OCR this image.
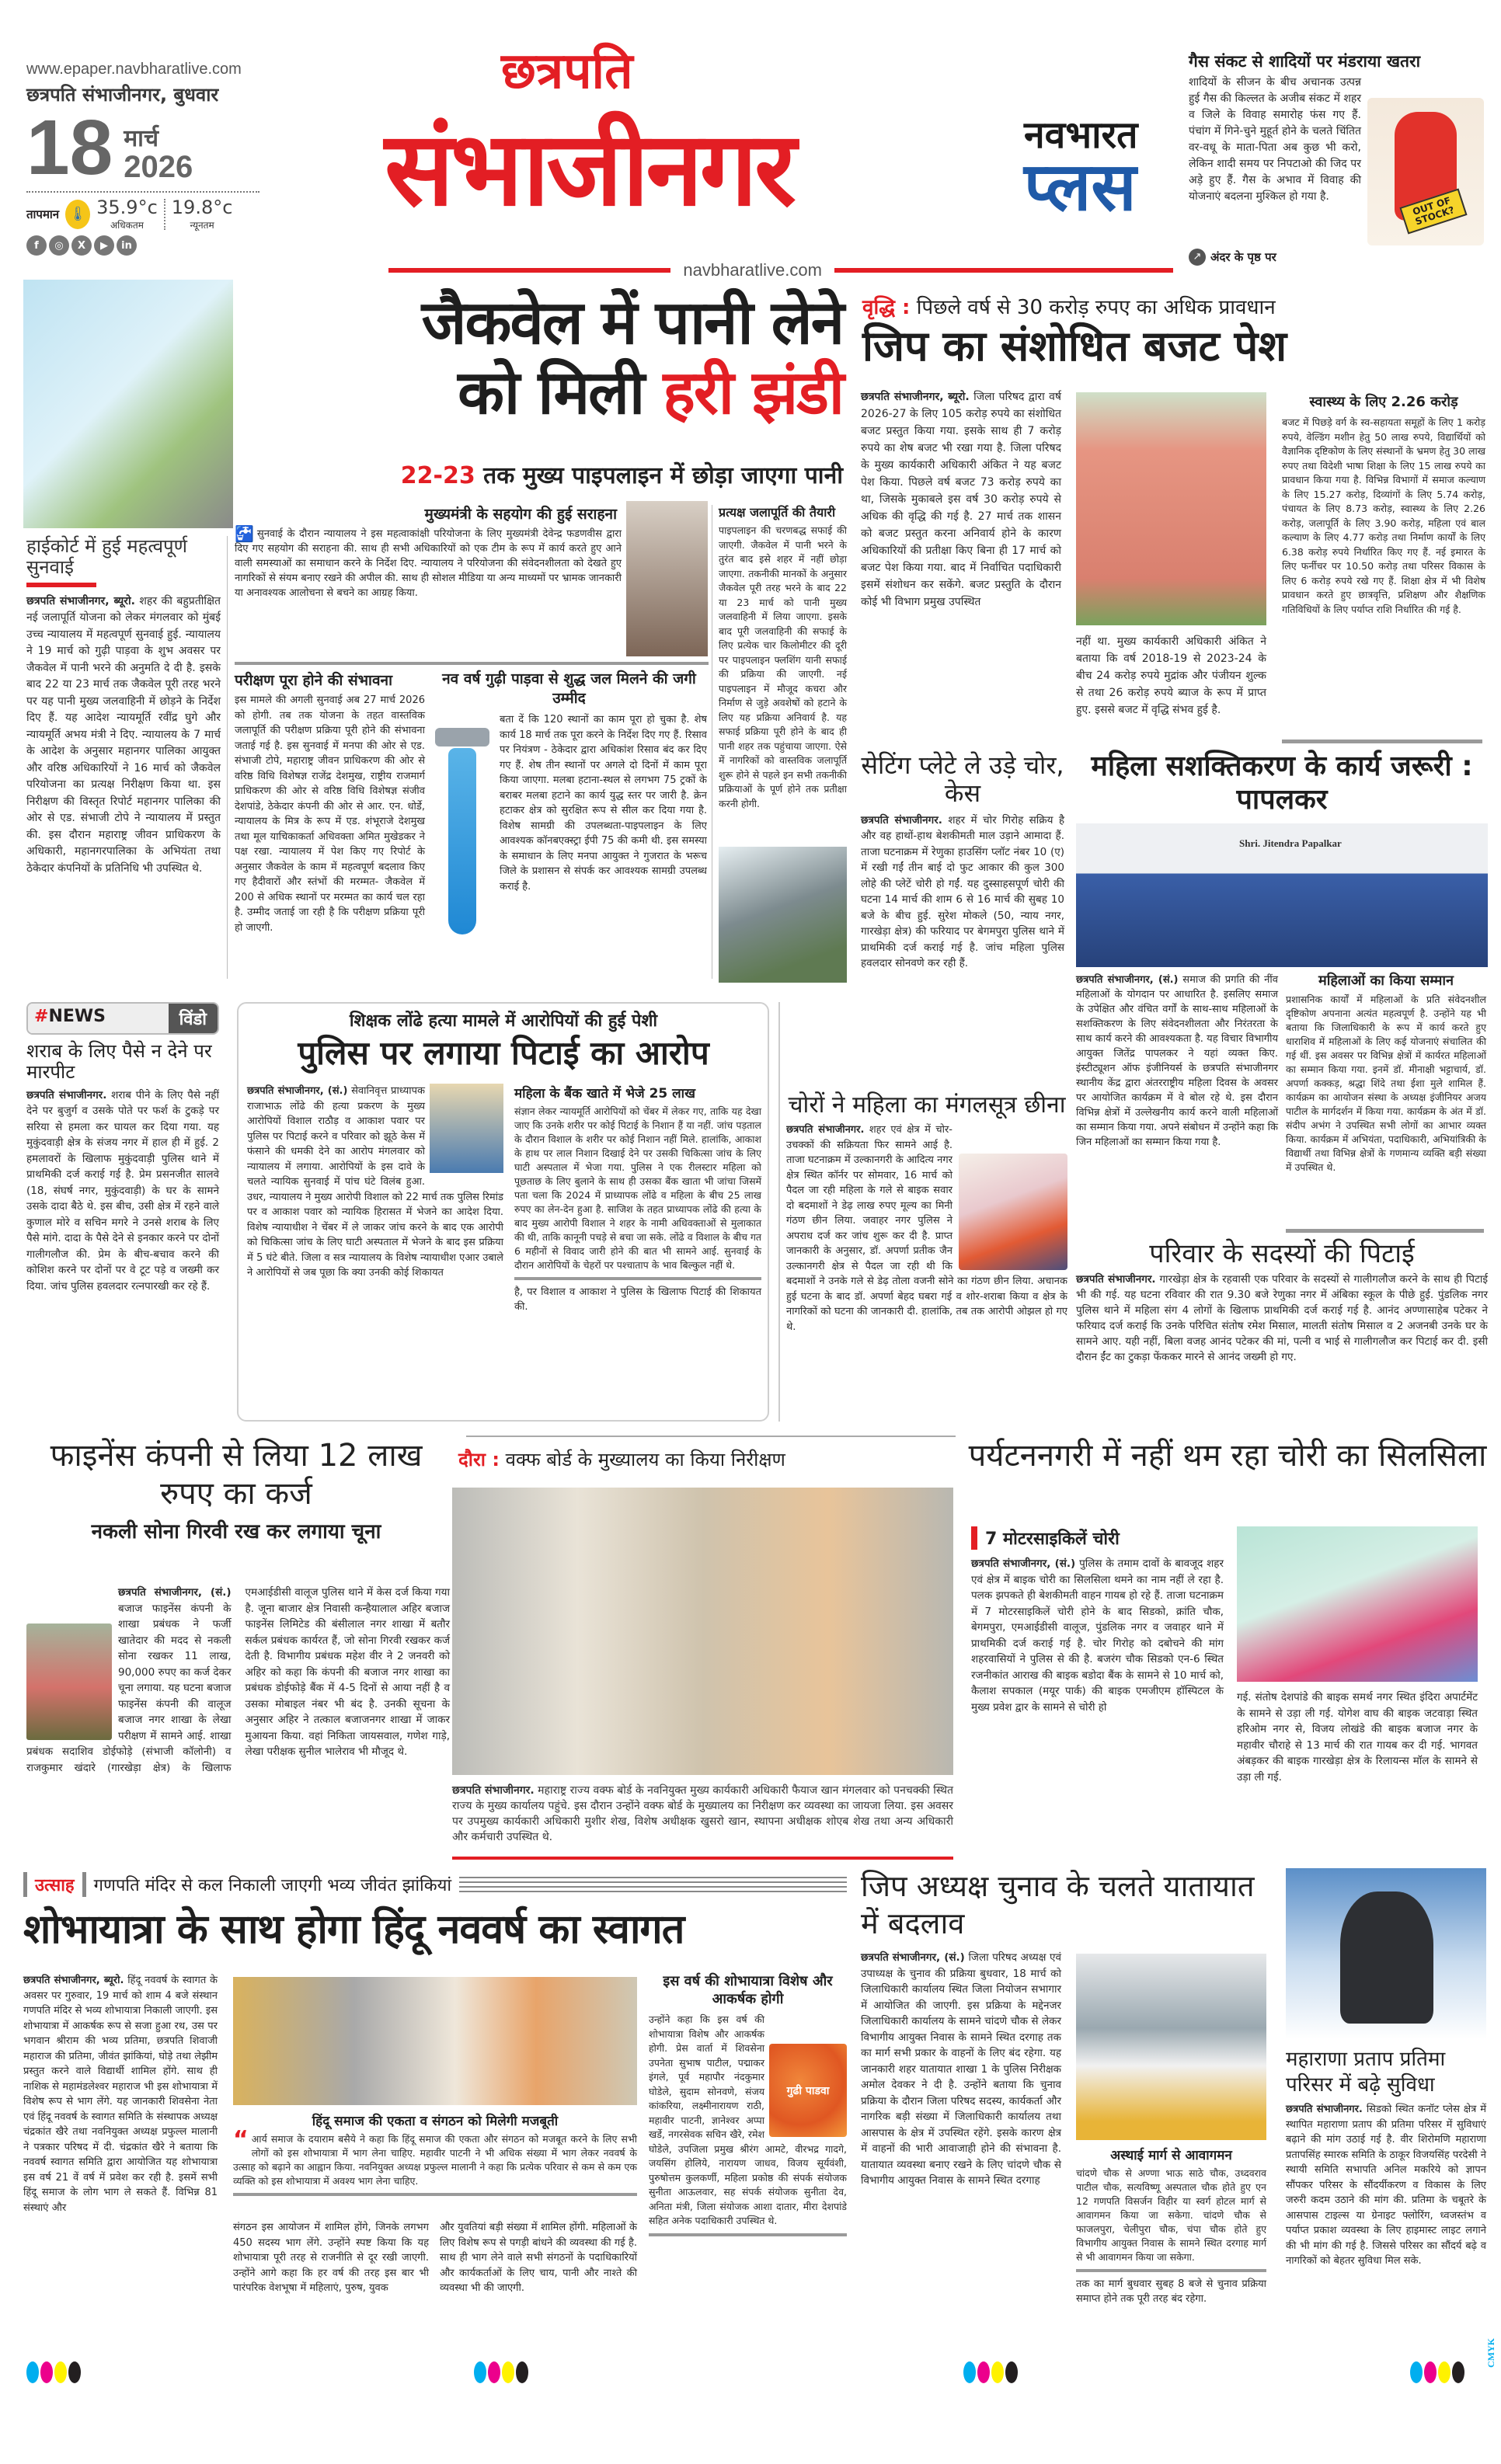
www.epaper.navbharatlive.com
छत्रपति संभाजीनगर, बुधवार
18 मार्च
2026
तापमान 🌡 35.9°c
अधिकतम
19.8°c
न्यूनतम
f ◎ X ▶ in
छत्रपति
संभाजीनगर	नवभारत
प्लस
navbharatlive.com
गैस संकट से शादियों पर मंडराया खतरा
OUT OF STOCK?
शादियों के सीजन के बीच अचानक उत्पन्न हुई गैस की किल्लत के अजीब संकट में शहर व जिले के विवाह समारोह फंस गए हैं. पंचांग में गिने-चुने मुहूर्त होने के चलते चिंतित वर-वधू के माता-पिता अब कुछ भी करो, लेकिन शादी समय पर निपटाओ की जिद पर अड़े हुए हैं. गैस के अभाव में विवाह की योजनाएं बदलना मुश्किल हो गया है.
↗ अंदर के पृष्ठ पर
जैकवेल में पानी लेने
को मिली हरी झंडी
22-23 तक मुख्य पाइपलाइन में छोड़ा जाएगा पानी
हाईकोर्ट में हुई महत्वपूर्ण सुनवाई
छत्रपति संभाजीनगर, ब्यूरो. शहर की बहुप्रतीक्षित नई जलापूर्ति योजना को लेकर मंगलवार को मुंबई उच्च न्यायालय में महत्वपूर्ण सुनवाई हुई. न्यायालय ने 19 मार्च को गुढ़ी पाड़वा के शुभ अवसर पर जैकवेल में पानी भरने की अनुमति दे दी है. इसके बाद 22 या 23 मार्च तक जैकवेल पूरी तरह भरने पर यह पानी मुख्य जलवाहिनी में छोड़ने के निर्देश दिए हैं. यह आदेश न्यायमूर्ति रवींद्र घुगे और न्यायमूर्ति अभय मंत्री ने दिए. न्यायालय के 7 मार्च के आदेश के अनुसार महानगर पालिका आयुक्त और वरिष्ठ अधिकारियों ने 16 मार्च को जैकवेल परियोजना का प्रत्यक्ष निरीक्षण किया था. इस निरीक्षण की विस्तृत रिपोर्ट महानगर पालिका की ओर से एड. संभाजी टोपे ने न्यायालय में प्रस्तुत की. इस दौरान महाराष्ट्र जीवन प्राधिकरण के अधिकारी, महानगरपालिका के अभियंता तथा ठेकेदार कंपनियों के प्रतिनिधि भी उपस्थित थे.
मुख्यमंत्री के सहयोग की हुई सराहना
🚰 सुनवाई के दौरान न्यायालय ने इस महत्वाकांक्षी परियोजना के लिए मुख्यमंत्री देवेन्द्र फडणवीस द्वारा दिए गए सहयोग की सराहना की. साथ ही सभी अधिकारियों को एक टीम के रूप में कार्य करते हुए आने वाली समस्याओं का समाधान करने के निर्देश दिए. न्यायालय ने परियोजना की संवेदनशीलता को देखते हुए नागरिकों से संयम बनाए रखने की अपील की. साथ ही सोशल मीडिया या अन्य माध्यमों पर भ्रामक जानकारी या अनावश्यक आलोचना से बचने का आग्रह किया.
परीक्षण पूरा होने की संभावना
इस मामले की अगली सुनवाई अब 27 मार्च 2026 को होगी. तब तक योजना के तहत वास्तविक जलापूर्ति की परीक्षण प्रक्रिया पूरी होने की संभावना जताई गई है. इस सुनवाई में मनपा की ओर से एड. संभाजी टोपे, महाराष्ट्र जीवन प्राधिकरण की ओर से वरिष्ठ विधि विशेषज्ञ राजेंद्र देशमुख, राष्ट्रीय राजमार्ग प्राधिकरण की ओर से वरिष्ठ विधि विशेषज्ञ संजीव देशपांडे, ठेकेदार कंपनी की ओर से आर. एन. धोर्डे, न्यायालय के मित्र के रूप में एड. शंभूराजे देशमुख तथा मूल याचिकाकर्ता अधिवक्ता अमित मुखेडकर ने पक्ष रखा. न्यायालय में पेश किए गए रिपोर्ट के अनुसार जैकवेल के काम में महत्वपूर्ण बदलाव किए गए हैदीवारों और स्तंभों की मरम्मत- जैकवेल में 200 से अधिक स्थानों पर मरम्मत का कार्य चल रहा है. उम्मीद जताई जा रही है कि परीक्षण प्रक्रिया पूरी हो जाएगी.
नव वर्ष गुढ़ी पाड़वा से शुद्ध जल मिलने की जगी उम्मीद
बता दें कि 120 स्थानों का काम पूरा हो चुका है. शेष कार्य 18 मार्च तक पूरा करने के निर्देश दिए गए हैं. रिसाव पर नियंत्रण - ठेकेदार द्वारा अधिकांश रिसाव बंद कर दिए गए हैं. शेष तीन स्थानों पर अगले दो दिनों में काम पूरा किया जाएगा. मलबा हटाना-स्थल से लगभग 75 ट्रकों के बराबर मलबा हटाने का कार्य युद्ध स्तर पर जारी है. क्रेन हटाकर क्षेत्र को सुरक्षित रूप से सील कर दिया गया है. विशेष सामग्री की उपलब्धता-पाइपलाइन के लिए आवश्यक कॉनबएक्स्ट्रा ईपी 75 की कमी थी. इस समस्या के समाधान के लिए मनपा आयुक्त ने गुजरात के भरूच जिले के प्रशासन से संपर्क कर आवश्यक सामग्री उपलब्ध कराई है.
प्रत्यक्ष जलापूर्ति की तैयारी
पाइपलाइन की चरणबद्ध सफाई की जाएगी. जैकवेल में पानी भरने के तुरंत बाद इसे शहर में नहीं छोड़ा जाएगा. तकनीकी मानकों के अनुसार जैकवेल पूरी तरह भरने के बाद 22 या 23 मार्च को पानी मुख्य जलवाहिनी में लिया जाएगा. इसके बाद पूरी जलवाहिनी की सफाई के लिए प्रत्येक चार किलोमीटर की दूरी पर पाइपलाइन फ्लशिंग यानी सफाई की प्रक्रिया की जाएगी. नई पाइपलाइन में मौजूद कचरा और निर्माण से जुड़े अवशेषों को हटाने के लिए यह प्रक्रिया अनिवार्य है. यह सफाई प्रक्रिया पूरी होने के बाद ही पानी शहर तक पहुंचाया जाएगा. ऐसे में नागरिकों को वास्तविक जलापूर्ति शुरू होने से पहले इन सभी तकनीकी प्रक्रियाओं के पूर्ण होने तक प्रतीक्षा करनी होगी.
वृद्धि : पिछले वर्ष से 30 करोड़ रुपए का अधिक प्रावधान
जिप का संशोधित बजट पेश
छत्रपति संभाजीनगर, ब्यूरो. जिला परिषद द्वारा वर्ष 2026-27 के लिए 105 करोड़ रुपये का संशोधित बजट प्रस्तुत किया गया. इसके साथ ही 7 करोड़ रुपये का शेष बजट भी रखा गया है. जिला परिषद के मुख्य कार्यकारी अधिकारी अंकित ने यह बजट पेश किया. पिछले वर्ष बजट 73 करोड़ रुपये का था, जिसके मुकाबले इस वर्ष 30 करोड़ रुपये से अधिक की वृद्धि की गई है. 27 मार्च तक शासन को बजट प्रस्तुत करना अनिवार्य होने के कारण अधिकारियों की प्रतीक्षा किए बिना ही 17 मार्च को बजट पेश किया गया. बाद में निर्वाचित पदाधिकारी इसमें संशोधन कर सकेंगे. बजट प्रस्तुति के दौरान कोई भी विभाग प्रमुख उपस्थित
नहीं था. मुख्य कार्यकारी अधिकारी अंकित ने बताया कि वर्ष 2018-19 से 2023-24 के बीच 24 करोड़ रुपये मुद्रांक और पंजीयन शुल्क से तथा 26 करोड़ रुपये ब्याज के रूप में प्राप्त हुए. इससे बजट में वृद्धि संभव हुई है.
स्वास्थ्य के लिए 2.26 करोड़
बजट में पिछड़े वर्ग के स्व-सहायता समूहों के लिए 1 करोड़ रुपये, वेल्डिंग मशीन हेतु 50 लाख रुपये, विद्यार्थियों को वैज्ञानिक दृष्टिकोण के लिए संस्थानों के भ्रमण हेतु 30 लाख रुपए तथा विदेशी भाषा शिक्षा के लिए 15 लाख रुपये का प्रावधान किया गया है. विभिन्न विभागों में समाज कल्याण के लिए 15.27 करोड़, दिव्यांगों के लिए 5.74 करोड़, पंचायत के लिए 8.73 करोड़, स्वास्थ्य के लिए 2.26 करोड़, जलापूर्ति के लिए 3.90 करोड़, महिला एवं बाल कल्याण के लिए 4.77 करोड़ तथा निर्माण कार्यों के लिए 6.38 करोड़ रुपये निर्धारित किए गए हैं. नई इमारत के लिए फर्नीचर पर 10.50 करोड़ तथा परिसर विकास के लिए 6 करोड़ रुपये रखे गए हैं. शिक्षा क्षेत्र में भी विशेष प्रावधान करते हुए छात्रवृत्ति, प्रशिक्षण और शैक्षणिक गतिविधियों के लिए पर्याप्त राशि निर्धारित की गई है.
सेटिंग प्लेटे ले उड़े चोर, केस
छत्रपति संभाजीनगर. शहर में चोर गिरोह सक्रिय है और वह हाथों-हाथ बेशकीमती माल उड़ाने आमादा हैं. ताजा घटनाक्रम में रेणुका हाउसिंग प्लॉट नंबर 10 (ए) में रखी गईं तीन बाई दो फुट आकार की कुल 300 लोहे की प्लेटें चोरी हो गईं. यह दुस्साहसपूर्ण चोरी की घटना 14 मार्च की शाम 6 से 16 मार्च की सुबह 10 बजे के बीच हुई. सुरेश मोकले (50, न्याय नगर, गारखेड़ा क्षेत्र) की फरियाद पर बेगमपुरा पुलिस थाने में प्राथमिकी दर्ज कराई गई है. जांच महिला पुलिस हवलदार सोनवणे कर रही हैं.
महिला सशक्तिकरण के कार्य जरूरी : पापलकर
Shri. Jitendra Papalkar
छत्रपति संभाजीनगर, (सं.) समाज की प्रगति की नींव महिलाओं के योगदान पर आधारित है. इसलिए समाज के उपेक्षित और वंचित वर्गों के साथ-साथ महिलाओं के सशक्तिकरण के लिए संवेदनशीलता और निरंतरता के साथ कार्य करने की आवश्यकता है. यह विचार विभागीय आयुक्त जितेंद्र पापलकर ने यहां व्यक्त किए. इंस्टीट्यूशन ऑफ इंजीनियर्स के छत्रपति संभाजीनगर स्थानीय केंद्र द्वारा अंतरराष्ट्रीय महिला दिवस के अवसर पर आयोजित कार्यक्रम में वे बोल रहे थे. इस दौरान विभिन्न क्षेत्रों में उल्लेखनीय कार्य करने वाली महिलाओं का सम्मान किया गया. अपने संबोधन में उन्होंने कहा कि जिन महिलाओं का सम्मान किया गया है.
महिलाओं का किया सम्मान
प्रशासनिक कार्यों में महिलाओं के प्रति संवेदनशील दृष्टिकोण अपनाना अत्यंत महत्वपूर्ण है. उन्होंने यह भी बताया कि जिलाधिकारी के रूप में कार्य करते हुए धाराशिव में महिलाओं के लिए कई योजनाएं संचालित की गई थीं. इस अवसर पर विभिन्न क्षेत्रों में कार्यरत महिलाओं का सम्मान किया गया. इनमें डॉ. मीनाक्षी भट्टाचार्य, डॉ. अपर्णा कक्कड़, श्रद्धा शिंदे तथा ईशा मुले शामिल हैं. कार्यक्रम का आयोजन संस्था के अध्यक्ष इंजीनियर अजय पाटील के मार्गदर्शन में किया गया. कार्यक्रम के अंत में डॉ. संदीप अभंग ने उपस्थित सभी लोगों का आभार व्यक्त किया. कार्यक्रम में अभियंता, पदाधिकारी, अभियांत्रिकी के विद्यार्थी तथा विभिन्न क्षेत्रों के गणमान्य व्यक्ति बड़ी संख्या में उपस्थित थे.
#NEWS	विंडो
शराब के लिए पैसे न देने पर मारपीट
छत्रपति संभाजीनगर. शराब पीने के लिए पैसे नहीं देने पर बुजुर्ग व उसके पोते पर फर्श के टुकड़े पर सरिया से हमला कर घायल कर दिया गया. यह मुकुंदवाड़ी क्षेत्र के संजय नगर में हाल ही में हुई. 2 हमलावरों के खिलाफ मुकुंदवाड़ी पुलिस थाने में प्राथमिकी दर्ज कराई गई है. प्रेम प्रसनजीत सालवे (18, संघर्ष नगर, मुकुंदवाड़ी) के घर के सामने उसके दादा बैठे थे. इस बीच, उसी क्षेत्र में रहने वाले कुणाल मोरे व सचिन मगरे ने उनसे शराब के लिए पैसे मांगे. दादा के पैसे देने से इनकार करने पर दोनों गालीगलौज की. प्रेम के बीच-बचाव करने की कोशिश करने पर दोनों पर वे टूट पड़े व जख्मी कर दिया. जांच पुलिस हवलदार रत्नपारखी कर रहे हैं.
शिक्षक लोंढे हत्या मामले में आरोपियों की हुई पेशी
पुलिस पर लगाया पिटाई का आरोप
छत्रपति संभाजीनगर, (सं.) सेवानिवृत्त प्राध्यापक राजाभाऊ लोंढे की हत्या प्रकरण के मुख्य आरोपियों विशाल राठौड़ व आकाश पवार पर पुलिस पर पिटाई करने व परिवार को झूठे केस में फंसाने की धमकी देने का आरोप मंगलवार को न्यायालय में लगाया. आरोपियों के इस दावे के चलते न्यायिक सुनवाई में पांच घंटे विलंब हुआ. उधर, न्यायालय ने मुख्य आरोपी विशाल को 22 मार्च तक पुलिस रिमांड पर व आकाश पवार को न्यायिक हिरासत में भेजने का आदेश दिया. विशेष न्यायाधीश ने चेंबर में ले जाकर जांच करने के बाद एक आरोपी को चिकित्सा जांच के लिए घाटी अस्पताल में भेजने के बाद इस प्रक्रिया में 5 घंटे बीते. जिला व सत्र न्यायालय के विशेष न्यायाधीश एआर उबाले ने आरोपियों से जब पूछा कि क्या उनकी कोई शिकायत
महिला के बैंक खाते में भेजे 25 लाख
संज्ञान लेकर न्यायमूर्ति आरोपियों को चेंबर में लेकर गए, ताकि यह देखा जाए कि उनके शरीर पर कोई पिटाई के निशान हैं या नहीं. जांच पड़ताल के दौरान विशाल के शरीर पर कोई निशान नहीं मिले. हालांकि, आकाश के हाथ पर लाल निशान दिखाई देने पर उसकी चिकित्सा जांच के लिए घाटी अस्पताल में भेजा गया. पुलिस ने एक रीलस्टार महिला को पूछताछ के लिए बुलाने के साथ ही उसका बैंक खाता भी जांचा जिसमें पता चला कि 2024 में प्राध्यापक लोंढे व महिला के बीच 25 लाख रुपए का लेन-देन हुआ है. साजिश के तहत प्राध्यापक लोंढे की हत्या के बाद मुख्य आरोपी विशाल ने शहर के नामी अधिवक्ताओं से मुलाकात की थी, ताकि कानूनी पचड़े से बचा जा सके. लोंढे व विशाल के बीच गत 6 महीनों से विवाद जारी होने की बात भी सामने आई. सुनवाई के दौरान आरोपियों के चेहरों पर पश्चाताप के भाव बिल्कुल नहीं थे.
है, पर विशाल व आकाश ने पुलिस के खिलाफ पिटाई की शिकायत की.
चोरों ने महिला का मंगलसूत्र छीना
छत्रपति संभाजीनगर. शहर एवं क्षेत्र में चोर-उचक्कों की सक्रियता फिर सामने आई है. ताजा घटनाक्रम में उल्कानगरी के आदित्य नगर क्षेत्र स्थित कॉर्नर पर सोमवार, 16 मार्च को पैदल जा रही महिला के गले से बाइक सवार दो बदमाशों ने डेढ़ लाख रुपए मूल्य का मिनी गंठण छीन लिया. जवाहर नगर पुलिस ने अपराध दर्ज कर जांच शुरू कर दी है. प्राप्त जानकारी के अनुसार, डॉ. अपर्णा प्रतीक जैन उल्कानगरी क्षेत्र से पैदल जा रही थी कि बदमाशों ने उनके गले से डेढ़ तोला वजनी सोने का गंठण छीन लिया. अचानक हुई घटना के बाद डॉ. अपर्णा बेहद घबरा गई व शोर-शराबा किया व क्षेत्र के नागरिकों को घटना की जानकारी दी. हालांकि, तब तक आरोपी ओझल हो गए थे.
परिवार के सदस्यों की पिटाई
छत्रपति संभाजीनगर. गारखेड़ा क्षेत्र के रहवासी एक परिवार के सदस्यों से गालीगलौज करने के साथ ही पिटाई भी की गई. यह घटना रविवार की रात 9.30 बजे रेणुका नगर में अंबिका स्कूल के पीछे हुई. पुंडलिक नगर पुलिस थाने में महिला संग 4 लोगों के खिलाफ प्राथमिकी दर्ज कराई गई है. आनंद अण्णासाहेब पटेकर ने फरियाद दर्ज कराई कि उनके परिचित संतोष रमेश मिसाल, मालती संतोष मिसाल व 2 अजनबी उनके घर के सामने आए. यही नहीं, बिला वजह आनंद पटेकर की मां, पत्नी व भाई से गालीगलौज कर पिटाई कर दी. इसी दौरान ईंट का टुकड़ा फेंककर मारने से आनंद जख्मी हो गए.
फाइनेंस कंपनी से लिया 12 लाख रुपए का कर्ज
नकली सोना गिरवी रख कर लगाया चूना
छत्रपति संभाजीनगर, (सं.) बजाज फाइनेंस कंपनी के शाखा प्रबंधक ने फर्जी खातेदार की मदद से नकली सोना रखकर 11 लाख, 90,000 रुपए का कर्ज देकर चूना लगाया. यह घटना बजाज फाइनेंस कंपनी की वालूज बजाज नगर शाखा के लेखा परीक्षण में सामने आई. शाखा प्रबंधक सदाशिव डोईफोड़े (संभाजी कॉलोनी) व राजकुमार खंदारे (गारखेड़ा क्षेत्र) के खिलाफ एमआईडीसी वालूज पुलिस थाने में केस दर्ज किया गया है. जूना बाजार क्षेत्र निवासी कन्हैयालाल अहिर बजाज फाइनेंस लिमिटेड की बंसीलाल नगर शाखा में बतौर सर्कल प्रबंधक कार्यरत हैं, जो सोना गिरवी रखकर कर्ज देती है. विभागीय प्रबंधक महेश वीर ने 2 जनवरी को अहिर को कहा कि कंपनी की बजाज नगर शाखा का प्रबंधक डोईफोड़े बैंक में 4-5 दिनों से आया नहीं है व उसका मोबाइल नंबर भी बंद है. उनकी सूचना के अनुसार अहिर ने तत्काल बजाजनगर शाखा में जाकर मुआयना किया. वहां निकिता जायसवाल, गणेश गाड़े, लेखा परीक्षक सुनील भालेराव भी मौजूद थे.
दौरा : वक्फ बोर्ड के मुख्यालय का किया निरीक्षण
छत्रपति संभाजीनगर. महाराष्ट्र राज्य वक्फ बोर्ड के नवनियुक्त मुख्य कार्यकारी अधिकारी फैयाज खान मंगलवार को पनचक्की स्थित राज्य के मुख्य कार्यालय पहुंचे. इस दौरान उन्होंने वक्फ बोर्ड के मुख्यालय का निरीक्षण कर व्यवस्था का जायजा लिया. इस अवसर पर उपमुख्य कार्यकारी अधिकारी मुशीर शेख, विशेष अधीक्षक खुसरो खान, स्थापना अधीक्षक शोएब शेख तथा अन्य अधिकारी और कर्मचारी उपस्थित थे.
पर्यटननगरी में नहीं थम रहा चोरी का सिलसिला
7 मोटरसाइकिलें चोरी
छत्रपति संभाजीनगर, (सं.) पुलिस के तमाम दावों के बावजूद शहर एवं क्षेत्र में बाइक चोरी का सिलसिला थमने का नाम नहीं ले रहा है. पलक झपकते ही बेशकीमती वाहन गायब हो रहे हैं. ताजा घटनाक्रम में 7 मोटरसाइकिलें चोरी होने के बाद सिडको, क्रांति चौक, बेगमपुरा, एमआईडीसी वालूज, पुंडलिक नगर व जवाहर थाने में प्राथमिकी दर्ज कराई गई है. चोर गिरोह को दबोचने की मांग शहरवासियों ने पुलिस से की है. बजरंग चौक सिडको एन-6 स्थित रजनीकांत आराख की बाइक बडोदा बैंक के सामने से 10 मार्च को, कैलाश सपकाल (मयूर पार्क) की बाइक एमजीएम हॉस्पिटल के मुख्य प्रवेश द्वार के सामने से चोरी हो
गई. संतोष देशपांडे की बाइक समर्थ नगर स्थित इंदिरा अपार्टमेंट के सामने से उड़ा ली गई. योगेश वाघ की बाइक जटवाड़ा स्थित हरिओम नगर से, विजय लोखंडे की बाइक बजाज नगर के महावीर चौराहे से 13 मार्च की रात गायब कर दी गई. भागवत अंबड़कर की बाइक गारखेड़ा क्षेत्र के रिलायन्स मॉल के सामने से उड़ा ली गई.
उत्साह गणपति मंदिर से कल निकाली जाएगी भव्य जीवंत झांकियां
शोभायात्रा के साथ होगा हिंदू नववर्ष का स्वागत
छत्रपति संभाजीनगर, ब्यूरो. हिंदू नववर्ष के स्वागत के अवसर पर गुरुवार, 19 मार्च को शाम 4 बजे संस्थान गणपति मंदिर से भव्य शोभायात्रा निकाली जाएगी. इस शोभायात्रा में आकर्षक रूप से सजा हुआ रथ, उस पर भगवान श्रीराम की भव्य प्रतिमा, छत्रपति शिवाजी महाराज की प्रतिमा, जीवंत झांकियां, घोड़े तथा लेझीम प्रस्तुत करने वाले विद्यार्थी शामिल होंगे. साथ ही नाशिक से महामंडलेश्वर महाराज भी इस शोभायात्रा में विशेष रूप से भाग लेंगे. यह जानकारी शिवसेना नेता एवं हिंदू नववर्ष के स्वागत समिति के संस्थापक अध्यक्ष चंद्रकांत खैरे तथा नवनियुक्त अध्यक्ष प्रफुल्ल मालानी ने पत्रकार परिषद में दी. चंद्रकांत खैरे ने बताया कि नववर्ष स्वागत समिति द्वारा आयोजित यह शोभायात्रा इस वर्ष 21 वें वर्ष में प्रवेश कर रही है. इसमें सभी हिंदू समाज के लोग भाग ले सकते हैं. विभिन्न 81 संस्थाएं और
हिंदू समाज की एकता व संगठन को मिलेगी मजबूती
“ आर्य समाज के दयाराम बसैये ने कहा कि हिंदू समाज की एकता और संगठन को मजबूत करने के लिए सभी लोगों को इस शोभायात्रा में भाग लेना चाहिए. महावीर पाटनी ने भी अधिक संख्या में भाग लेकर नववर्ष के उत्साह को बढ़ाने का आह्वान किया. नवनियुक्त अध्यक्ष प्रफुल्ल मालानी ने कहा कि प्रत्येक परिवार से कम से कम एक व्यक्ति को इस शोभायात्रा में अवश्य भाग लेना चाहिए.
संगठन इस आयोजन में शामिल होंगे, जिनके लगभग 450 सदस्य भाग लेंगे. उन्होंने स्पष्ट किया कि यह शोभायात्रा पूरी तरह से राजनीति से दूर रखी जाएगी. उन्होंने आगे कहा कि हर वर्ष की तरह इस बार भी पारंपरिक वेशभूषा में महिलाएं, पुरुष, युवक
और युवतियां बड़ी संख्या में शामिल होंगी. महिलाओं के लिए विशेष रूप से पगड़ी बांधने की व्यवस्था की गई है. साथ ही भाग लेने वाले सभी संगठनों के पदाधिकारियों और कार्यकर्ताओं के लिए चाय, पानी और नाश्ते की व्यवस्था भी की जाएगी.
इस वर्ष की शोभायात्रा विशेष और आकर्षक होगी
गुढी पाडवा
उन्होंने कहा कि इस वर्ष की शोभायात्रा विशेष और आकर्षक होगी. प्रेस वार्ता में शिवसेना उपनेता सुभाष पाटील, पद्माकर इंगले, पूर्व महापौर नंदकुमार घोडेले, सुदाम सोनवणे, संजय कांकरिया, लक्ष्मीनारायण राठी, महावीर पाटनी, ज्ञानेश्वर अप्पा खर्डे, नगरसेवक सचिन खैरे, रमेश घोडेले, उपजिला प्रमुख श्रीरंग आमटे, वीरभद्र गादगे, जयसिंग होलिये, नारायण जाधव, विजय सूर्यवंशी, पुरुषोत्तम कुलकर्णी, महिला प्रकोष्ठ की संपर्क संयोजक सुनीता आऊलवार, सह संपर्क संयोजक सुनीता देव, अनिता मंत्री, जिला संयोजक आशा दातार, मीरा देशपांडे सहित अनेक पदाधिकारी उपस्थित थे.
जिप अध्यक्ष चुनाव के चलते यातायात में बदलाव
छत्रपति संभाजीनगर, (सं.) जिला परिषद अध्यक्ष एवं उपाध्यक्ष के चुनाव की प्रक्रिया बुधवार, 18 मार्च को जिलाधिकारी कार्यालय स्थित जिला नियोजन सभागार में आयोजित की जाएगी. इस प्रक्रिया के मद्देनजर जिलाधिकारी कार्यालय के सामने चांदणे चौक से लेकर विभागीय आयुक्त निवास के सामने स्थित दरगाह तक का मार्ग सभी प्रकार के वाहनों के लिए बंद रहेगा. यह जानकारी शहर यातायात शाखा 1 के पुलिस निरीक्षक अमोल देवकर ने दी है. उन्होंने बताया कि चुनाव प्रक्रिया के दौरान जिला परिषद सदस्य, कार्यकर्ता और नागरिक बड़ी संख्या में जिलाधिकारी कार्यालय तथा आसपास के क्षेत्र में उपस्थित रहेंगे. इसके कारण क्षेत्र में वाहनों की भारी आवाजाही होने की संभावना है. यातायात व्यवस्था बनाए रखने के लिए चांदणे चौक से विभागीय आयुक्त निवास के सामने स्थित दरगाह
अस्थाई मार्ग से आवागमन
चांदणे चौक से अण्णा भाऊ साठे चौक, उध्दवराव पाटील चौक, सत्यविष्णू अस्पताल चौक होते हुए एन 12 गणपति विसर्जन विहीर या स्वर्ग होटल मार्ग से आवागमन किया जा सकेगा. चांदणे चौक से फाजलपुरा, चेलीपुरा चौक, चंपा चौक होते हुए विभागीय आयुक्त निवास के सामने स्थित दरगाह मार्ग से भी आवागमन किया जा सकेगा.
तक का मार्ग बुधवार सुबह 8 बजे से चुनाव प्रक्रिया समाप्त होने तक पूरी तरह बंद रहेगा.
महाराणा प्रताप प्रतिमा परिसर में बढ़े सुविधा
छत्रपति संभाजीनगर. सिडको स्थित कनॉट प्लेस क्षेत्र में स्थापित महाराणा प्रताप की प्रतिमा परिसर में सुविधाएं बढ़ाने की मांग उठाई गई है. वीर शिरोमणि महाराणा प्रतापसिंह स्मारक समिति के ठाकूर विजयसिंह परदेसी ने स्थायी समिति सभापति अनिल मकरिये को ज्ञापन सौंपकर परिसर के सौंदर्यीकरण व विकास के लिए जरुरी कदम उठाने की मांग की. प्रतिमा के चबूतरे के आसपास टाइल्स या ग्रेनाइट फ्लोरिंग, ध्वजस्तंभ व पर्याप्त प्रकाश व्यवस्था के लिए हाइमास्ट लाइट लगाने की भी मांग की गई है. जिससे परिसर का सौंदर्य बढ़े व नागरिकों को बेहतर सुविधा मिल सके.
CMYK
